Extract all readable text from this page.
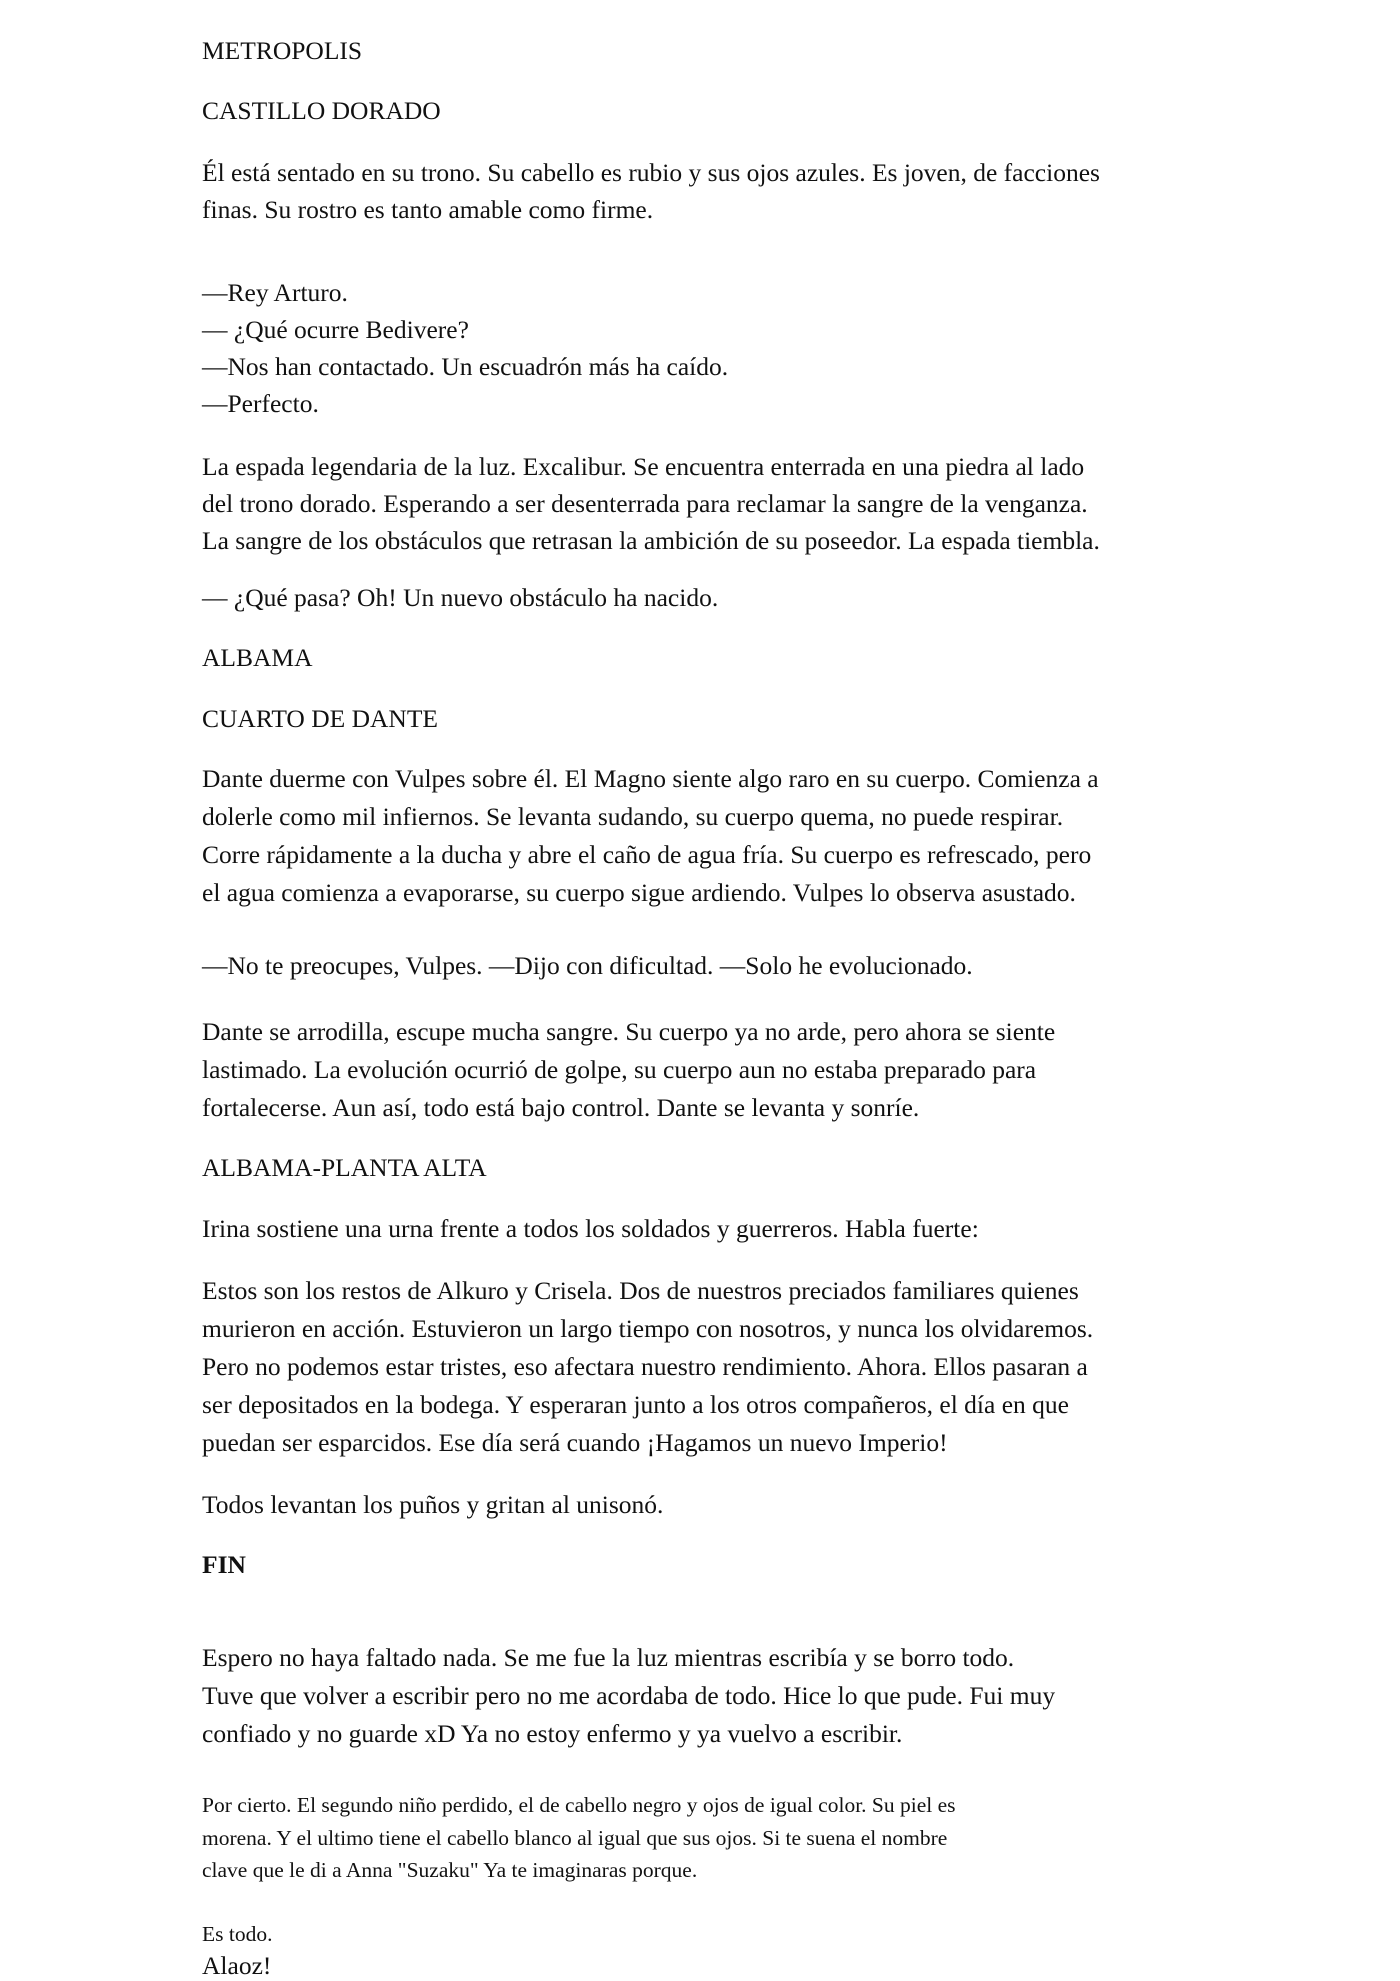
METROPOLIS

CASTILLO DORADO

Él está sentado en su trono. Su cabello es rubio y sus ojos azules. Es joven, de facciones

finas. Su rostro es tanto amable como firme.

—Rey Arturo.

— ¿Qué ocurre Bedivere?

—Nos han contactado. Un escuadrón más ha caído.

—Perfecto.

La espada legendaria de la luz. Excalibur. Se encuentra enterrada en una piedra al lado

del trono dorado. Esperando a ser desenterrada para reclamar la sangre de la venganza.

La sangre de los obstáculos que retrasan la ambición de su poseedor. La espada tiembla.

— ¿Qué pasa? Oh! Un nuevo obstáculo ha nacido.

ALBAMA

CUARTO DE DANTE

Dante duerme con Vulpes sobre él. El Magno siente algo raro en su cuerpo. Comienza a

dolerle como mil infiernos. Se levanta sudando, su cuerpo quema, no puede respirar.

Corre rápidamente a la ducha y abre el caño de agua fría. Su cuerpo es refrescado, pero

el agua comienza a evaporarse, su cuerpo sigue ardiendo. Vulpes lo observa asustado.

—No te preocupes, Vulpes. —Dijo con dificultad. —Solo he evolucionado.

Dante se arrodilla, escupe mucha sangre. Su cuerpo ya no arde, pero ahora se siente

lastimado. La evolución ocurrió de golpe, su cuerpo aun no estaba preparado para

fortalecerse. Aun así, todo está bajo control. Dante se levanta y sonríe.

ALBAMA-PLANTA ALTA

Irina sostiene una urna frente a todos los soldados y guerreros. Habla fuerte:

Estos son los restos de Alkuro y Crisela. Dos de nuestros preciados familiares quienes

murieron en acción. Estuvieron un largo tiempo con nosotros, y nunca los olvidaremos.

Pero no podemos estar tristes, eso afectara nuestro rendimiento. Ahora. Ellos pasaran a

ser depositados en la bodega. Y esperaran junto a los otros compañeros, el día en que

puedan ser esparcidos. Ese día será cuando ¡Hagamos un nuevo Imperio!

Todos levantan los puños y gritan al unisonó.

FIN

Espero no haya faltado nada. Se me fue la luz mientras escribía y se borro todo.

Tuve que volver a escribir pero no me acordaba de todo. Hice lo que pude. Fui muy

confiado y no guarde xD Ya no estoy enfermo y ya vuelvo a escribir.

Por cierto. El segundo niño perdido, el de cabello negro y ojos de igual color. Su piel es

morena. Y el ultimo tiene el cabello blanco al igual que sus ojos. Si te suena el nombre

clave que le di a Anna "Suzaku" Ya te imaginaras porque.

Es todo.

Alaoz!
